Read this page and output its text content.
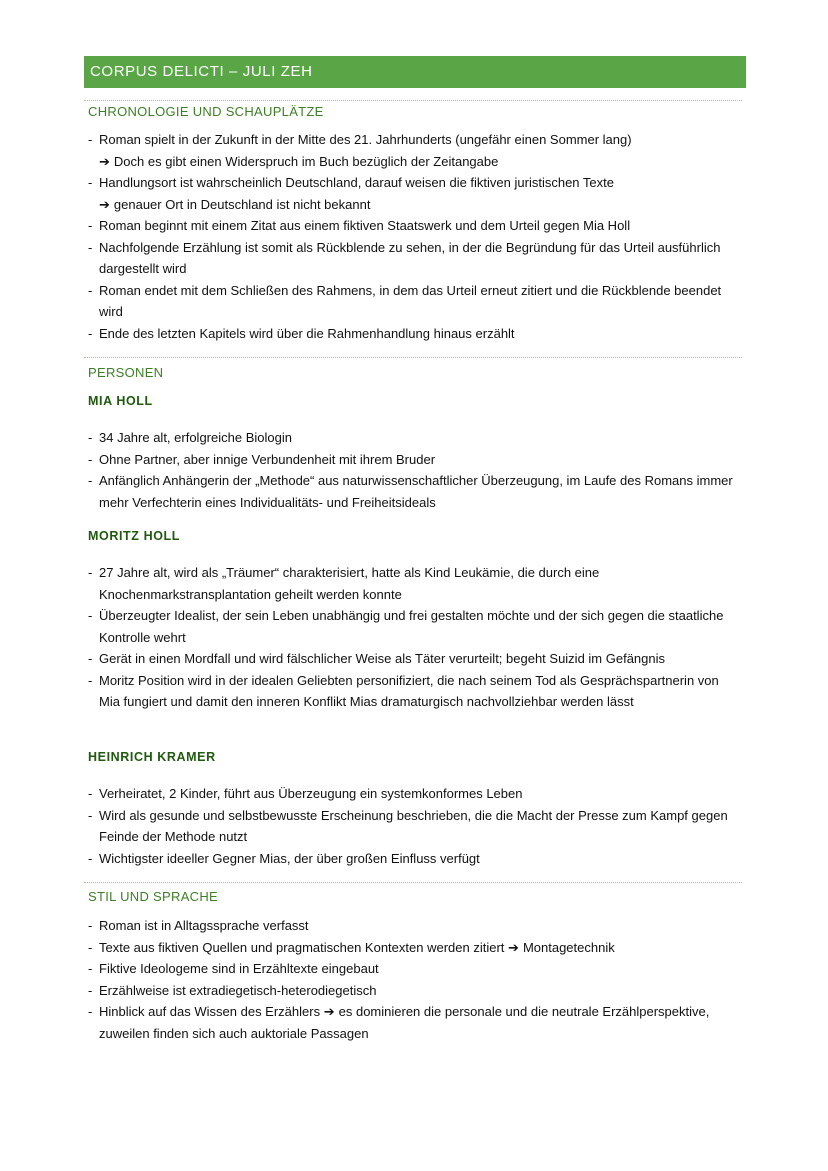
CORPUS DELICTI – JULI ZEH
CHRONOLOGIE UND SCHAUPLÄTZE
- Roman spielt in der Zukunft in der Mitte des 21. Jahrhunderts (ungefähr einen Sommer lang)
➔ Doch es gibt einen Widerspruch im Buch bezüglich der Zeitangabe
- Handlungsort ist wahrscheinlich Deutschland, darauf weisen die fiktiven juristischen Texte
➔ genauer Ort in Deutschland ist nicht bekannt
- Roman beginnt mit einem Zitat aus einem fiktiven Staatswerk und dem Urteil gegen Mia Holl
- Nachfolgende Erzählung ist somit als Rückblende zu sehen, in der die Begründung für das Urteil ausführlich dargestellt wird
- Roman endet mit dem Schließen des Rahmens, in dem das Urteil erneut zitiert und die Rückblende beendet wird
- Ende des letzten Kapitels wird über die Rahmenhandlung hinaus erzählt
PERSONEN
MIA HOLL
- 34 Jahre alt, erfolgreiche Biologin
- Ohne Partner, aber innige Verbundenheit mit ihrem Bruder
- Anfänglich Anhängerin der „Methode“ aus naturwissenschaftlicher Überzeugung, im Laufe des Romans immer mehr Verfechterin eines Individualitäts- und Freiheitsideals
MORITZ HOLL
- 27 Jahre alt, wird als „Träumer“ charakterisiert, hatte als Kind Leukämie, die durch eine Knochenmarkstransplantation geheilt werden konnte
- Überzeugter Idealist, der sein Leben unabhängig und frei gestalten möchte und der sich gegen die staatliche Kontrolle wehrt
- Gerät in einen Mordfall und wird fälschlicher Weise als Täter verurteilt; begeht Suizid im Gefängnis
- Moritz Position wird in der idealen Geliebten personifiziert, die nach seinem Tod als Gesprächspartnerin von Mia fungiert und damit den inneren Konflikt Mias dramaturgisch nachvollziehbar werden lässt
HEINRICH KRAMER
- Verheiratet, 2 Kinder, führt aus Überzeugung ein systemkonformes Leben
- Wird als gesunde und selbstbewusste Erscheinung beschrieben, die die Macht der Presse zum Kampf gegen Feinde der Methode nutzt
- Wichtigster ideeller Gegner Mias, der über großen Einfluss verfügt
STIL UND SPRACHE
- Roman ist in Alltagssprache verfasst
- Texte aus fiktiven Quellen und pragmatischen Kontexten werden zitiert ➔ Montagetechnik
- Fiktive Ideologeme sind in Erzähltexte eingebaut
- Erzählweise ist extradiegetisch-heterodiegetisch
- Hinblick auf das Wissen des Erzählers ➔ es dominieren die personale und die neutrale Erzählperspektive, zuweilen finden sich auch auktoriale Passagen
